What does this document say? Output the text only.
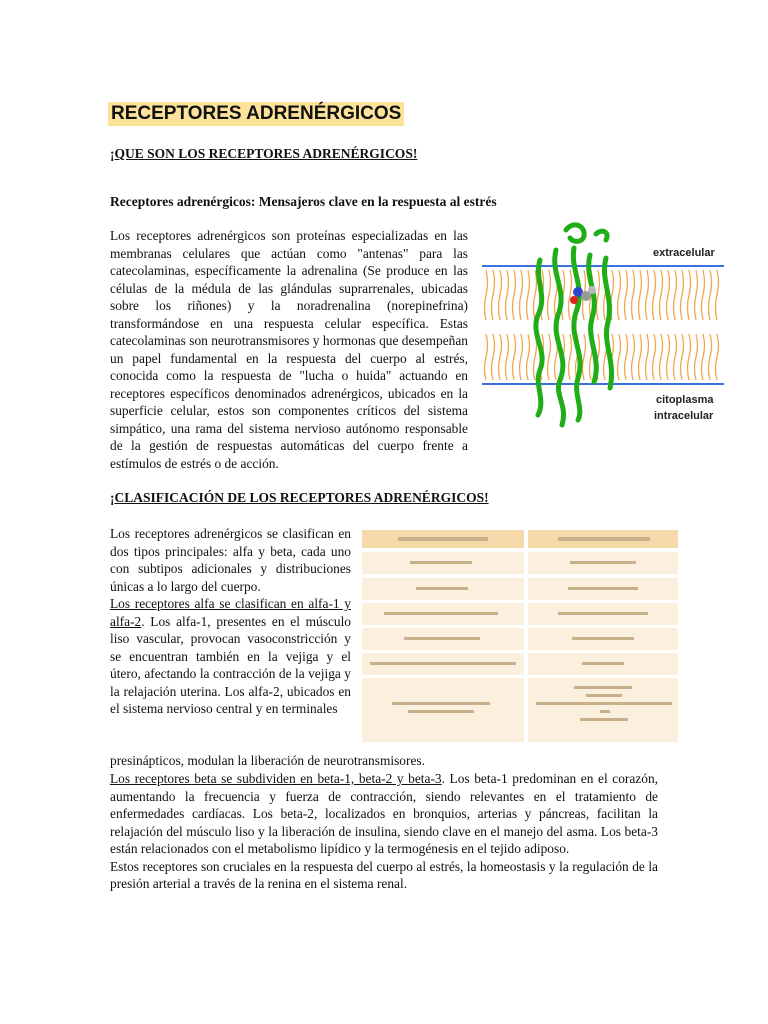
RECEPTORES ADRENÉRGICOS
¡QUE SON LOS RECEPTORES ADRENÉRGICOS!
Receptores adrenérgicos: Mensajeros clave en la respuesta al estrés

Los receptores adrenérgicos son proteínas especializadas en las membranas celulares que actúan como "antenas" para las catecolaminas, específicamente la adrenalina (Se produce en las células de la médula de las glándulas suprarrenales, ubicadas sobre los riñones) y la noradrenalina (norepinefrina) transformándose en una respuesta celular específica. Estas catecolaminas son neurotransmisores y hormonas que desempeñan un papel fundamental en la respuesta del cuerpo al estrés, conocida como la respuesta de "lucha o huida" actuando en receptores específicos denominados adrenérgicos, ubicados en la superficie celular, estos son componentes críticos del sistema simpático, una rama del sistema nervioso autónomo responsable de la gestión de respuestas automáticas del cuerpo frente a estímulos de estrés o de acción.

extracelular
citoplasma
intracelular
¡CLASIFICACIÓN DE LOS RECEPTORES ADRENÉRGICOS!

Los receptores adrenérgicos se clasifican en dos tipos principales: alfa y beta, cada uno con subtipos adicionales y distribuciones únicas a lo largo del cuerpo.

Los receptores alfa se clasifican en alfa-1 y alfa-2. Los alfa-1, presentes en el músculo liso vascular, provocan vasoconstricción y se encuentran también en la vejiga y el útero, afectando la contracción de la vejiga y la relajación uterina. Los alfa-2, ubicados en el sistema nervioso central y en terminales

presinápticos, modulan la liberación de neurotransmisores.

Los receptores beta se subdividen en beta-1, beta-2 y beta-3. Los beta-1 predominan en el corazón, aumentando la frecuencia y fuerza de contracción, siendo relevantes en el tratamiento de enfermedades cardíacas. Los beta-2, localizados en bronquios, arterias y páncreas, facilitan la relajación del músculo liso y la liberación de insulina, siendo clave en el manejo del asma. Los beta-3 están relacionados con el metabolismo lipídico y la termogénesis en el tejido adiposo.

Estos receptores son cruciales en la respuesta del cuerpo al estrés, la homeostasis y la regulación de la presión arterial a través de la renina en el sistema renal.
